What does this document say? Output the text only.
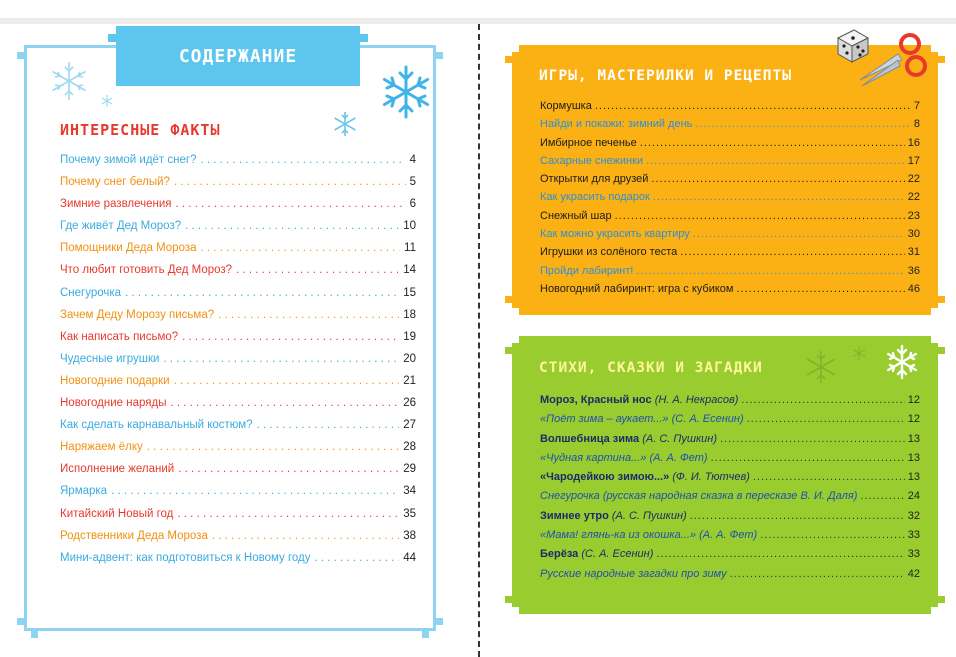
СОДЕРЖАНИЕ
ИНТЕРЕСНЫЕ ФАКТЫ
Почему зимой идёт снег? . . .	4
Почему снег белый? . . .	5
Зимние развлечения . . .	6
Где живёт Дед Мороз? . . .	10
Помощники Деда Мороза . . .	11
Что любит готовить Дед Мороз? . . .	14
Снегурочка . . .	15
Зачем Деду Морозу письма? . . .	18
Как написать письмо? . . .	19
Чудесные игрушки . . .	20
Новогодние подарки . . .	21
Новогодние наряды . . .	26
Как сделать карнавальный костюм? . . .	27
Наряжаем ёлку . . .	28
Исполнение желаний . . .	29
Ярмарка . . .	34
Китайский Новый год . . .	35
Родственники Деда Мороза . . .	38
Мини-адвент: как подготовиться к Новому году . . .	44
ИГРЫ, МАСТЕРИЛКИ И РЕЦЕПТЫ
Кормушка .....	7
Найди и покажи: зимний день .....	8
Имбирное печенье .....	16
Сахарные снежинки .....	17
Открытки для друзей .....	22
Как украсить подарок .....	22
Снежный шар .....	23
Как можно украсить квартиру .....	30
Игрушки из солёного теста .....	31
Пройди лабиринт! .....	36
Новогодний лабиринт: игра с кубиком .....	46
СТИХИ, СКАЗКИ И ЗАГАДКИ
Мороз, Красный нос (Н. А. Некрасов) .....	12
«Поёт зима – аукает...» (С. А. Есенин) .....	12
Волшебница зима (А. С. Пушкин) .....	13
«Чудная картина...» (А. А. Фет) .....	13
«Чародейкою зимою...» (Ф. И. Тютчев) .....	13
Снегурочка (русская народная сказка в пересказе В. И. Даля) .....	24
Зимнее утро (А. С. Пушкин) .....	32
«Мама! глянь-ка из окошка...» (А. А. Фет) .....	33
Берёза (С. А. Есенин) .....	33
Русские народные загадки про зиму .....	42
